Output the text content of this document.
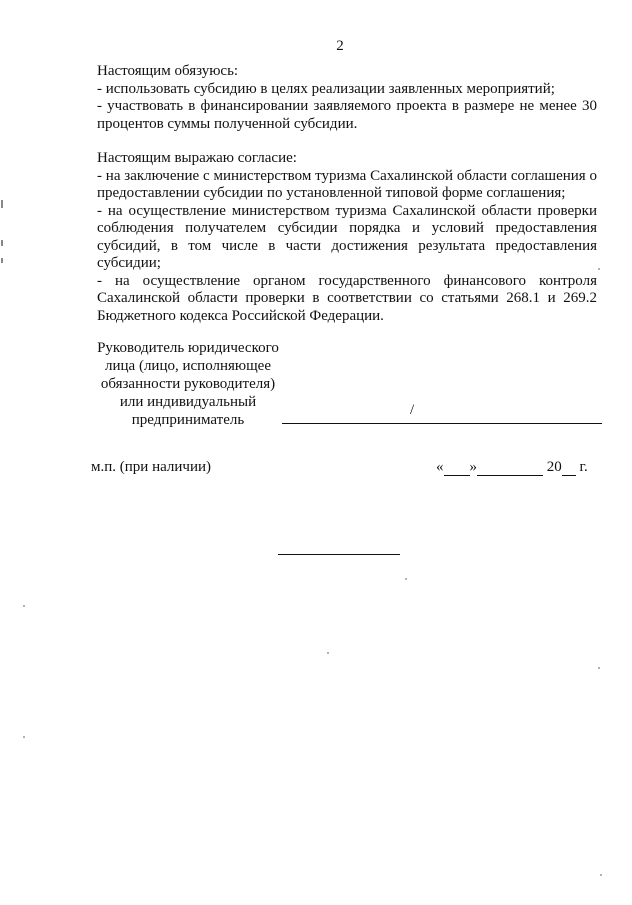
2

Настоящим обязуюсь:

- использовать субсидию в целях реализации заявленных мероприятий;

- участвовать в финансировании заявляемого проекта в размере не менее 30 процентов суммы полученной субсидии.

Настоящим выражаю согласие:

- на заключение с министерством туризма Сахалинской области соглашения о предоставлении субсидии по установленной типовой форме соглашения;

- на осуществление министерством туризма Сахалинской области проверки соблюдения получателем субсидии порядка и условий предоставления субсидий, в том числе в части достижения результата предоставления субсидии;

- на осуществление органом государственного финансового контроля Сахалинской области проверки в соответствии со статьями 268.1 и 269.2 Бюджетного кодекса Российской Федерации.

Руководитель юридического
лица (лицо, исполняющее
обязанности руководителя)
или индивидуальный
предприниматель
/
м.п. (при наличии)	« »	20 г.
